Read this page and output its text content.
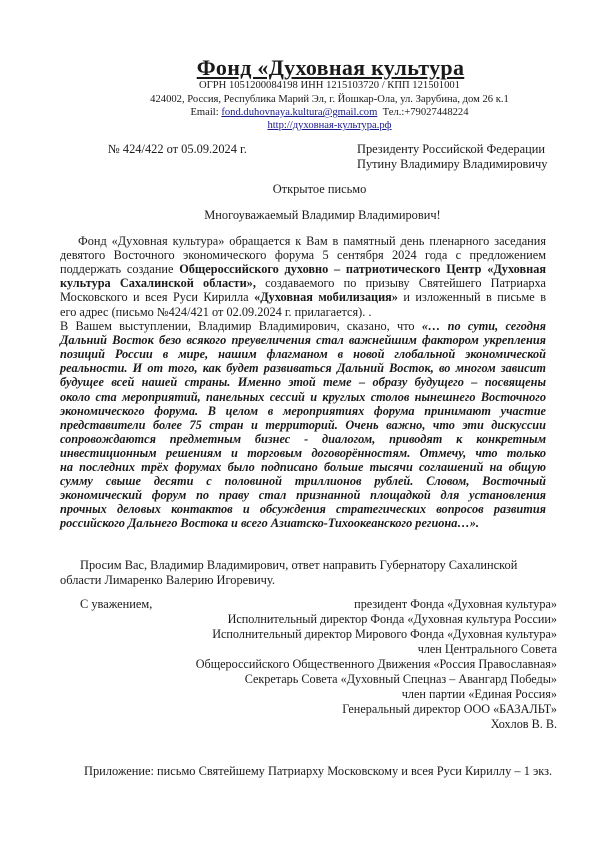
Фонд «Духовная культура
ОГРН 1051200084198 ИНН 1215103720 / КПП 121501001
424002, Россия, Республика Марий Эл, г. Йошкар-Ола, ул. Зарубина, дом 26 к.1
Email: fond.duhovnaya.kultura@gmail.com Тел.:+79027448224
http://духовная-культура.рф
№ 424/422 от 05.09.2024 г.	Президенту Российской Федерации
Путину Владимиру Владимировичу
Открытое письмо
Многоуважаемый Владимир Владимирович!
Фонд «Духовная культура» обращается к Вам в памятный день пленарного заседания
девятого Восточного экономического форума 5 сентября 2024 года с предложением
поддержать создание Общероссийского духовно – патриотического Центр «Духовная
культура Сахалинской области», создаваемого по призыву Святейшего Патриарха
Московского и всея Руси Кирилла «Духовная мобилизация» и изложенный в письме в
его адрес (письмо №424/421 от 02.09.2024 г. прилагается). .
В Вашем выступлении, Владимир Владимирович, сказано, что «… по сути, сегодня
Дальний Восток безо всякого преувеличения стал важнейшим фактором укрепления
позиций России в мире, нашим флагманом в новой глобальной экономической
реальности. И от того, как будет развиваться Дальний Восток, во многом зависит
будущее всей нашей страны. Именно этой теме – образу будущего – посвящены
около ста мероприятий, панельных сессий и круглых столов нынешнего Восточного
экономического форума. В целом в мероприятиях форума принимают участие
представители более 75 стран и территорий. Очень важно, что эти дискуссии
сопровождаются предметным бизнес - диалогом, приводят к конкретным
инвестиционным решениям и торговым договорённостям. Отмечу, что только
на последних трёх форумах было подписано больше тысячи соглашений на общую
сумму свыше десяти с половиной триллионов рублей. Словом, Восточный
экономический форум по праву стал признанной площадкой для установления
прочных деловых контактов и обсуждения стратегических вопросов развития
российского Дальнего Востока и всего Азиатско-Тихоокеанского региона…».
Просим Вас, Владимир Владимирович, ответ направить Губернатору Сахалинской
области Лимаренко Валерию Игоревичу.
С уважением,	президент Фонда «Духовная культура»
Исполнительный директор Фонда «Духовная культура России»
Исполнительный директор Мирового Фонда «Духовная культура»
член Центрального Совета
Общероссийского Общественного Движения «Россия Православная»
Секретарь Совета «Духовный Спецназ – Авангард Победы»
член партии «Единая Россия»
Генеральный директор ООО «БАЗАЛЬТ»
Хохлов В. В.
Приложение: письмо Святейшему Патриарху Московскому и всея Руси Кириллу – 1 экз.
